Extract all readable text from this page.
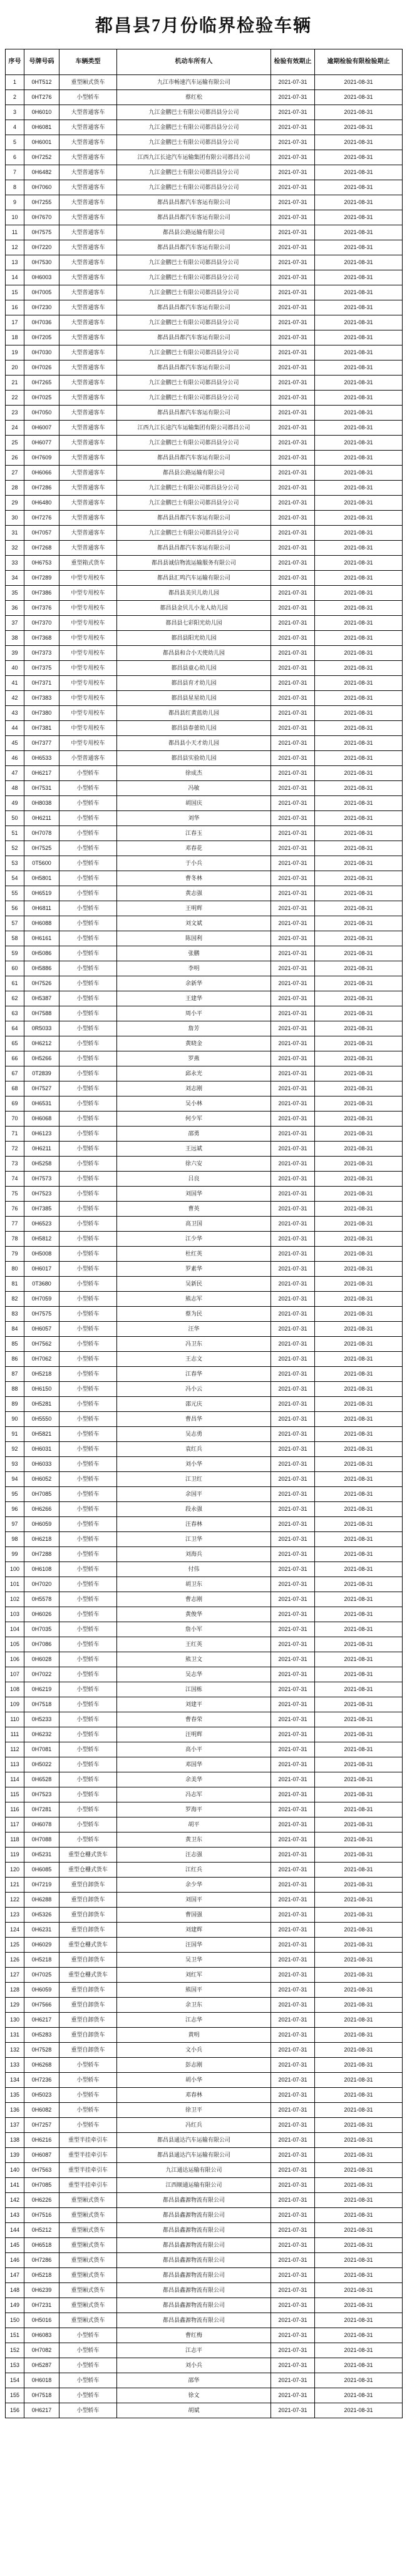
都昌县7月份临界检验车辆
序号	号牌号码	车辆类型	机动车所有人	检验有效期止	逾期检验有限检验期止
1	0HT512	重型厢式货车	九江市畅速汽车运输有限公司	2021-07-31	2021-08-31
2	0HT276	小型轿车	蔡红松	2021-07-31	2021-08-31
3	0H6010	大型普通客车	九江金鹏巴士有限公司都昌县分公司	2021-07-31	2021-08-31
4	0H6081	大型普通客车	九江金鹏巴士有限公司都昌县分公司	2021-07-31	2021-08-31
5	0H6001	大型普通客车	九江金鹏巴士有限公司都昌县分公司	2021-07-31	2021-08-31
6	0H7252	大型普通客车	江西九江长途汽车运输集团有限公司都昌公司	2021-07-31	2021-08-31
7	0H6482	大型普通客车	九江金鹏巴士有限公司都昌县分公司	2021-07-31	2021-08-31
8	0H7060	大型普通客车	九江金鹏巴士有限公司都昌县分公司	2021-07-31	2021-08-31
9	0H7255	大型普通客车	都昌县昌都汽车客运有限公司	2021-07-31	2021-08-31
10	0H7670	大型普通客车	都昌县昌都汽车客运有限公司	2021-07-31	2021-08-31
11	0H7575	大型普通客车	都昌县公路运输有限公司	2021-07-31	2021-08-31
12	0H7220	大型普通客车	都昌县昌都汽车客运有限公司	2021-07-31	2021-08-31
13	0H7530	大型普通客车	九江金鹏巴士有限公司都昌县分公司	2021-07-31	2021-08-31
14	0H6003	大型普通客车	九江金鹏巴士有限公司都昌县分公司	2021-07-31	2021-08-31
15	0H7005	大型普通客车	九江金鹏巴士有限公司都昌县分公司	2021-07-31	2021-08-31
16	0H7230	大型普通客车	都昌县昌都汽车客运有限公司	2021-07-31	2021-08-31
17	0H7036	大型普通客车	九江金鹏巴士有限公司都昌县分公司	2021-07-31	2021-08-31
18	0H7205	大型普通客车	都昌县昌都汽车客运有限公司	2021-07-31	2021-08-31
19	0H7030	大型普通客车	九江金鹏巴士有限公司都昌县分公司	2021-07-31	2021-08-31
20	0H7026	大型普通客车	都昌县昌都汽车客运有限公司	2021-07-31	2021-08-31
21	0H7265	大型普通客车	九江金鹏巴士有限公司都昌县分公司	2021-07-31	2021-08-31
22	0H7025	大型普通客车	九江金鹏巴士有限公司都昌县分公司	2021-07-31	2021-08-31
23	0H7050	大型普通客车	都昌县昌都汽车客运有限公司	2021-07-31	2021-08-31
24	0H6007	大型普通客车	江西九江长途汽车运输集团有限公司都昌公司	2021-07-31	2021-08-31
25	0H6077	大型普通客车	九江金鹏巴士有限公司都昌县分公司	2021-07-31	2021-08-31
26	0H7609	大型普通客车	都昌县昌都汽车客运有限公司	2021-07-31	2021-08-31
27	0H6066	大型普通客车	都昌县公路运输有限公司	2021-07-31	2021-08-31
28	0H7286	大型普通客车	九江金鹏巴士有限公司都昌县分公司	2021-07-31	2021-08-31
29	0H6480	大型普通客车	九江金鹏巴士有限公司都昌县分公司	2021-07-31	2021-08-31
30	0H7276	大型普通客车	都昌县昌都汽车客运有限公司	2021-07-31	2021-08-31
31	0H7057	大型普通客车	九江金鹏巴士有限公司都昌县分公司	2021-07-31	2021-08-31
32	0H7268	大型普通客车	都昌县昌都汽车客运有限公司	2021-07-31	2021-08-31
33	0H6753	重型箱式货车	都昌县诚信物流运输服务有限公司	2021-07-31	2021-08-31
34	0H7289	中型专用校车	都昌县汇鸣汽车运输有限公司	2021-07-31	2021-08-31
35	0H7386	中型专用校车	都昌县美贝儿幼儿园	2021-07-31	2021-08-31
36	0H7376	中型专用校车	都昌县金贝儿小龙人幼儿园	2021-07-31	2021-08-31
37	0H7370	中型专用校车	都昌县七彩阳光幼儿园	2021-07-31	2021-08-31
38	0H7368	中型专用校车	都昌县阳光幼儿园	2021-07-31	2021-08-31
39	0H7373	中型专用校车	都昌县和合小天使幼儿园	2021-07-31	2021-08-31
40	0H7375	中型专用校车	都昌县童心幼儿园	2021-07-31	2021-08-31
41	0H7371	中型专用校车	都昌县育才幼儿园	2021-07-31	2021-08-31
42	0H7383	中型专用校车	都昌县星星幼儿园	2021-07-31	2021-08-31
43	0H7380	中型专用校车	都昌县红黄蓝幼儿园	2021-07-31	2021-08-31
44	0H7381	中型专用校车	都昌县春蕾幼儿园	2021-07-31	2021-08-31
45	0H7377	中型专用校车	都昌县小天才幼儿园	2021-07-31	2021-08-31
46	0H6533	小型普通客车	都昌县实验幼儿园	2021-07-31	2021-08-31
47	0H6217	小型轿车	徐成杰	2021-07-31	2021-08-31
48	0H7531	小型轿车	冯敏	2021-07-31	2021-08-31
49	0H8038	小型轿车	胡国庆	2021-07-31	2021-08-31
50	0H6211	小型轿车	刘华	2021-07-31	2021-08-31
51	0H7078	小型轿车	江春玉	2021-07-31	2021-08-31
52	0H7525	小型轿车	邓春花	2021-07-31	2021-08-31
53	0T5600	小型轿车	于小兵	2021-07-31	2021-08-31
54	0H5801	小型轿车	曹冬林	2021-07-31	2021-08-31
55	0H6519	小型轿车	黄志强	2021-07-31	2021-08-31
56	0H6811	小型轿车	王明辉	2021-07-31	2021-08-31
57	0H6088	小型轿车	刘文斌	2021-07-31	2021-08-31
58	0H6161	小型轿车	陈国利	2021-07-31	2021-08-31
59	0H5086	小型轿车	张鹏	2021-07-31	2021-08-31
60	0H5886	小型轿车	李明	2021-07-31	2021-08-31
61	0H7526	小型轿车	余新华	2021-07-31	2021-08-31
62	0H5387	小型轿车	王建华	2021-07-31	2021-08-31
63	0H7588	小型轿车	周小平	2021-07-31	2021-08-31
64	0R5033	小型轿车	詹芳	2021-07-31	2021-08-31
65	0H6212	小型轿车	黄晓金	2021-07-31	2021-08-31
66	0H5266	小型轿车	罗燕	2021-07-31	2021-08-31
67	0T2839	小型轿车	邱永光	2021-07-31	2021-08-31
68	0H7527	小型轿车	刘志刚	2021-07-31	2021-08-31
69	0H6531	小型轿车	吴小林	2021-07-31	2021-08-31
70	0H6068	小型轿车	何少军	2021-07-31	2021-08-31
71	0H6123	小型轿车	邵勇	2021-07-31	2021-08-31
72	0H6211	小型轿车	王远斌	2021-07-31	2021-08-31
73	0H5258	小型轿车	徐六安	2021-07-31	2021-08-31
74	0H7573	小型轿车	吕良	2021-07-31	2021-08-31
75	0H7523	小型轿车	刘国华	2021-07-31	2021-08-31
76	0H7385	小型轿车	曹英	2021-07-31	2021-08-31
77	0H6523	小型轿车	高卫国	2021-07-31	2021-08-31
78	0H5812	小型轿车	江少华	2021-07-31	2021-08-31
79	0H5008	小型轿车	杜红英	2021-07-31	2021-08-31
80	0H6017	小型轿车	罗素华	2021-07-31	2021-08-31
81	0T3680	小型轿车	吴新民	2021-07-31	2021-08-31
82	0H7059	小型轿车	熊志军	2021-07-31	2021-08-31
83	0H7575	小型轿车	蔡为民	2021-07-31	2021-08-31
84	0H6057	小型轿车	汪华	2021-07-31	2021-08-31
85	0H7562	小型轿车	冯卫东	2021-07-31	2021-08-31
86	0H7062	小型轿车	王志文	2021-07-31	2021-08-31
87	0H5218	小型轿车	江春华	2021-07-31	2021-08-31
88	0H6150	小型轿车	冯小云	2021-07-31	2021-08-31
89	0H5281	小型轿车	邵元庆	2021-07-31	2021-08-31
90	0H5550	小型轿车	曹昌华	2021-07-31	2021-08-31
91	0H5821	小型轿车	吴志勇	2021-07-31	2021-08-31
92	0H6031	小型轿车	袁红兵	2021-07-31	2021-08-31
93	0H6033	小型轿车	刘小华	2021-07-31	2021-08-31
94	0H6052	小型轿车	江卫红	2021-07-31	2021-08-31
95	0H7085	小型轿车	余国平	2021-07-31	2021-08-31
96	0H6266	小型轿车	段永强	2021-07-31	2021-08-31
97	0H6059	小型轿车	汪春林	2021-07-31	2021-08-31
98	0H6218	小型轿车	江卫华	2021-07-31	2021-08-31
99	0H7288	小型轿车	刘海兵	2021-07-31	2021-08-31
100	0H6108	小型轿车	付伟	2021-07-31	2021-08-31
101	0H7020	小型轿车	胡卫东	2021-07-31	2021-08-31
102	0H5578	小型轿车	曹志刚	2021-07-31	2021-08-31
103	0H6026	小型轿车	黄俊华	2021-07-31	2021-08-31
104	0H7035	小型轿车	詹小军	2021-07-31	2021-08-31
105	0H7086	小型轿车	王红英	2021-07-31	2021-08-31
106	0H6028	小型轿车	熊卫文	2021-07-31	2021-08-31
107	0H7022	小型轿车	吴志华	2021-07-31	2021-08-31
108	0H6219	小型轿车	江国栋	2021-07-31	2021-08-31
109	0H7518	小型轿车	刘建平	2021-07-31	2021-08-31
110	0H5233	小型轿车	曹春荣	2021-07-31	2021-08-31
111	0H6232	小型轿车	汪明辉	2021-07-31	2021-08-31
112	0H7081	小型轿车	高小平	2021-07-31	2021-08-31
113	0H5022	小型轿车	邓国华	2021-07-31	2021-08-31
114	0H6528	小型轿车	余美华	2021-07-31	2021-08-31
115	0H7523	小型轿车	冯志军	2021-07-31	2021-08-31
116	0H7281	小型轿车	罗海平	2021-07-31	2021-08-31
117	0H6078	小型轿车	胡平	2021-07-31	2021-08-31
118	0H7088	小型轿车	黄卫东	2021-07-31	2021-08-31
119	0H5231	重型仓栅式货车	汪志强	2021-07-31	2021-08-31
120	0H6085	重型仓栅式货车	江红兵	2021-07-31	2021-08-31
121	0H7219	重型自卸货车	余少华	2021-07-31	2021-08-31
122	0H6288	重型自卸货车	刘国平	2021-07-31	2021-08-31
123	0H5326	重型自卸货车	曹国强	2021-07-31	2021-08-31
124	0H6231	重型自卸货车	刘建辉	2021-07-31	2021-08-31
125	0H6029	重型仓栅式货车	汪国华	2021-07-31	2021-08-31
126	0H5218	重型自卸货车	吴卫华	2021-07-31	2021-08-31
127	0H7025	重型仓栅式货车	刘红军	2021-07-31	2021-08-31
128	0H6059	重型自卸货车	熊国平	2021-07-31	2021-08-31
129	0H7566	重型自卸货车	余卫东	2021-07-31	2021-08-31
130	0H6217	重型自卸货车	江志华	2021-07-31	2021-08-31
131	0H5283	重型自卸货车	黄明	2021-07-31	2021-08-31
132	0H7528	重型自卸货车	文小兵	2021-07-31	2021-08-31
133	0H6268	小型轿车	彭志刚	2021-07-31	2021-08-31
134	0H7236	小型轿车	胡小华	2021-07-31	2021-08-31
135	0H5023	小型轿车	邓春林	2021-07-31	2021-08-31
136	0H6082	小型轿车	徐卫平	2021-07-31	2021-08-31
137	0H7257	小型轿车	冯红兵	2021-07-31	2021-08-31
138	0H6216	重型半挂牵引车	都昌县通达汽车运输有限公司	2021-07-31	2021-08-31
139	0H6087	重型半挂牵引车	都昌县通达汽车运输有限公司	2021-07-31	2021-08-31
140	0H7563	重型半挂牵引车	九江通达运输有限公司	2021-07-31	2021-08-31
141	0H7085	重型半挂牵引车	江西顺通运输有限公司	2021-07-31	2021-08-31
142	0H6226	重型厢式货车	都昌县鑫源物流有限公司	2021-07-31	2021-08-31
143	0H7516	重型厢式货车	都昌县鑫源物流有限公司	2021-07-31	2021-08-31
144	0H5212	重型厢式货车	都昌县鑫源物流有限公司	2021-07-31	2021-08-31
145	0H6518	重型厢式货车	都昌县鑫源物流有限公司	2021-07-31	2021-08-31
146	0H7286	重型厢式货车	都昌县鑫源物流有限公司	2021-07-31	2021-08-31
147	0H5218	重型厢式货车	都昌县鑫源物流有限公司	2021-07-31	2021-08-31
148	0H6239	重型厢式货车	都昌县鑫源物流有限公司	2021-07-31	2021-08-31
149	0H7231	重型厢式货车	都昌县鑫源物流有限公司	2021-07-31	2021-08-31
150	0H5016	重型厢式货车	都昌县鑫源物流有限公司	2021-07-31	2021-08-31
151	0H6083	小型轿车	曹红梅	2021-07-31	2021-08-31
152	0H7082	小型轿车	江志平	2021-07-31	2021-08-31
153	0H5287	小型轿车	刘小兵	2021-07-31	2021-08-31
154	0H6018	小型轿车	邵华	2021-07-31	2021-08-31
155	0H7518	小型轿车	徐文	2021-07-31	2021-08-31
156	0H6217	小型轿车	胡斌	2021-07-31	2021-08-31
